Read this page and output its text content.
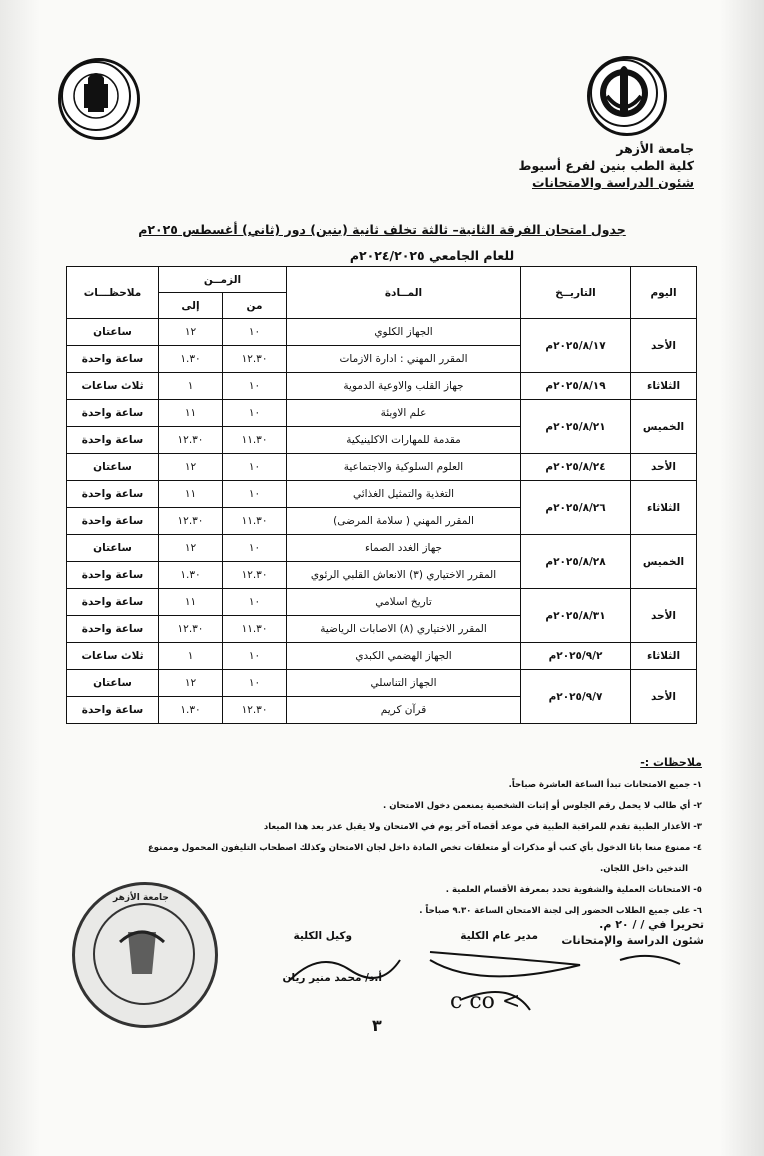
جامعة الأزهر
كلية الطب بنين لفرع أسيوط
شئون الدراسة والامتحانات
جدول امتحان الفرقة الثانية– ثالثة تخلف ثانية (بنين) دور (ثاني) أغسطس ٢٠٢٥م
للعام الجامعي ٢٠٢٤/٢٠٢٥م
اليوم	التاريــخ	المــادة	الزمــن		ملاحظـــات
			من	إلى	
الأحد	٢٠٢٥/٨/١٧م	الجهاز الكلوي	١٠	١٢	ساعتان
		المقرر المهني : ادارة الازمات	١٢.٣٠	١.٣٠	ساعة واحدة
الثلاثاء	٢٠٢٥/٨/١٩م	جهاز القلب والاوعية الدموية	١٠	١	ثلاث ساعات
الخميس	٢٠٢٥/٨/٢١م	علم الاوبئة	١٠	١١	ساعة واحدة
		مقدمة للمهارات الاكلينيكية	١١.٣٠	١٢.٣٠	ساعة واحدة
الأحد	٢٠٢٥/٨/٢٤م	العلوم السلوكية والاجتماعية	١٠	١٢	ساعتان
الثلاثاء	٢٠٢٥/٨/٢٦م	التغذية والتمثيل الغذائي	١٠	١١	ساعة واحدة
		المقرر المهني ( سلامة المرضى)	١١.٣٠	١٢.٣٠	ساعة واحدة
الخميس	٢٠٢٥/٨/٢٨م	جهاز الغدد الصماء	١٠	١٢	ساعتان
		المقرر الاختياري (٣) الانعاش القلبي الرئوي	١٢.٣٠	١.٣٠	ساعة واحدة
الأحد	٢٠٢٥/٨/٣١م	تاريخ اسلامي	١٠	١١	ساعة واحدة
		المقرر الاختياري (٨) الاصابات الرياضية	١١.٣٠	١٢.٣٠	ساعة واحدة
الثلاثاء	٢٠٢٥/٩/٢م	الجهاز الهضمي الكبدي	١٠	١	ثلاث ساعات
الأحد	٢٠٢٥/٩/٧م	الجهاز التناسلي	١٠	١٢	ساعتان
		قرآن كريم	١٢.٣٠	١.٣٠	ساعة واحدة
ملاحظات :-
١- جميع الامتحانات تبدأ الساعة العاشرة صباحاً.
٢- أي طالب لا يحمل رقم الجلوس أو إثبات الشخصية يمنعمن دخول الامتحان .
٣- الأعذار الطبية تقدم للمراقبة الطبية في موعد أقصاه آخر يوم في الامتحان ولا يقبل عذر بعد هذا الميعاد
٤- ممنوع منعا باتا الدخول بأي كتب أو مذكرات أو متعلقات تخص المادة داخل لجان الامتحان وكذلك اصطحاب التليفون المحمول وممنوع
التدخين داخل اللجان.
٥- الامتحانات العملية والشفوية تحدد بمعرفة الأقسام العلمية .
٦- على جميع الطلاب الحضور إلى لجنة الامتحان الساعة ٩.٣٠ صباحاً .
تحريرا في / / ٢٠ م.
شئون الدراسة والإمتحانات
مدير عام الكلية
وكيل الكلية
أ.د/ محمد منير ريان
٣
c c​o <
جامعة الأزهر
